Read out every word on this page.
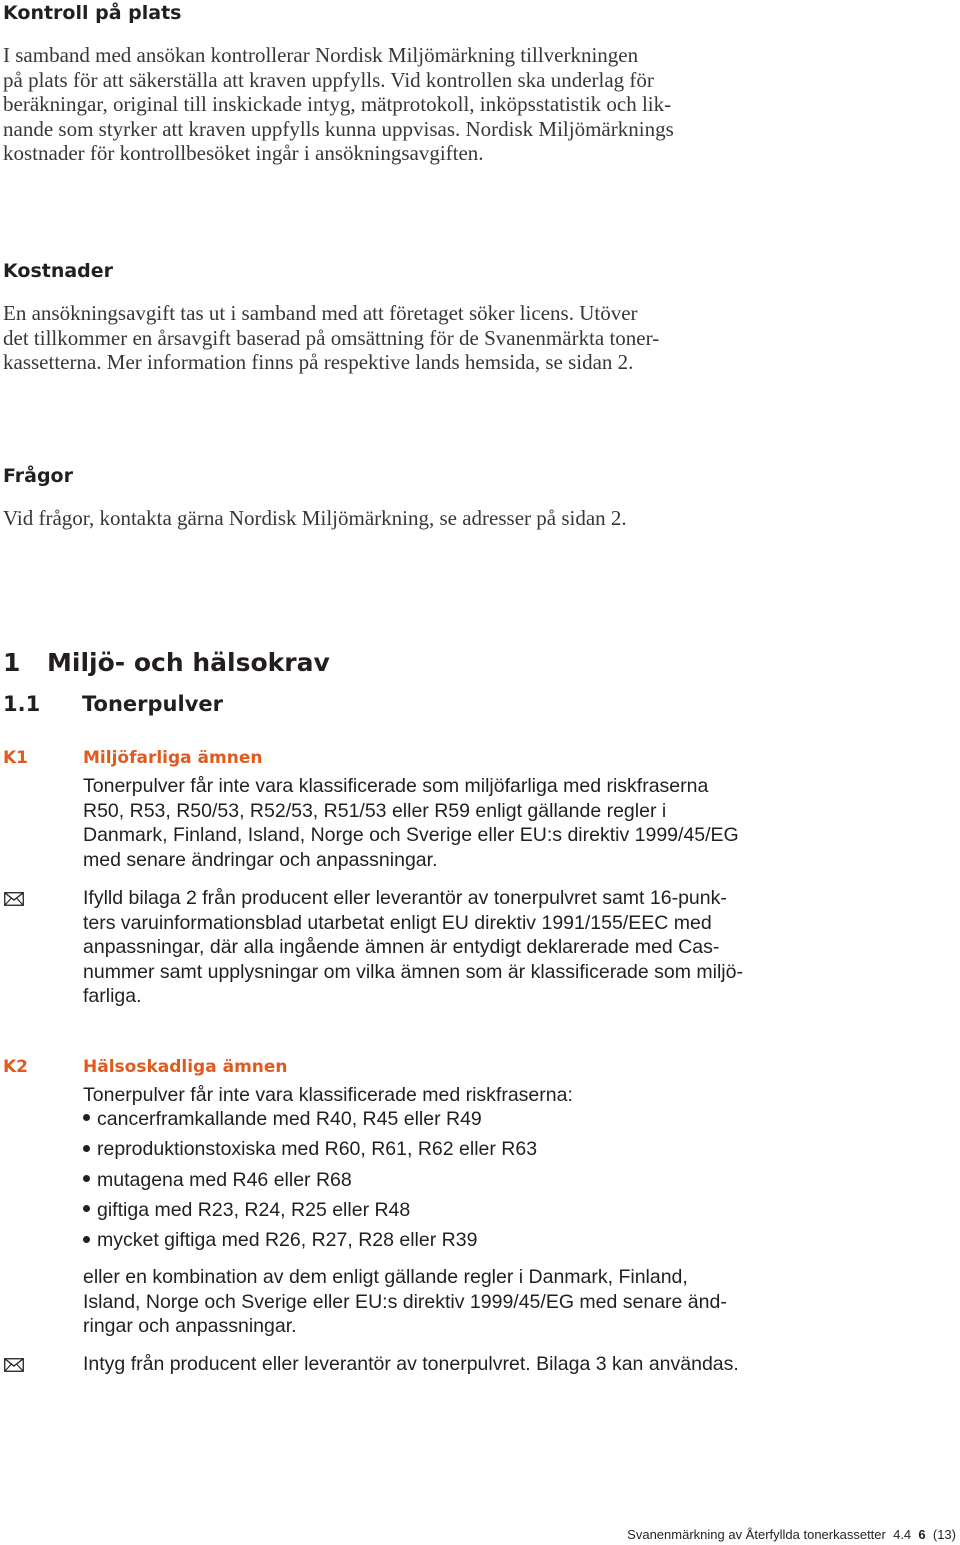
Kontroll på plats

I samband med ansökan kontrollerar Nordisk Miljömärkning tillverkningen

på plats för att säkerställa att kraven uppfylls. Vid kontrollen ska underlag för

beräkningar, original till inskickade intyg, mätprotokoll, inköpsstatistik och lik-

nande som styrker att kraven uppfylls kunna uppvisas. Nordisk Miljömärknings

kostnader för kontrollbesöket ingår i ansökningsavgiften.

Kostnader

En ansökningsavgift tas ut i samband med att företaget söker licens. Utöver

det tillkommer en årsavgift baserad på omsättning för de Svanenmärkta toner-

kassetterna. Mer information finns på respektive lands hemsida, se sidan 2.

Frågor

Vid frågor, kontakta gärna Nordisk Miljömärkning, se adresser på sidan 2.

1 Miljö- och hälsokrav
1.1 Tonerpulver
K1	Miljöfarliga ämnen

Tonerpulver får inte vara klassificerade som miljöfarliga med riskfraserna

R50, R53, R50/53, R52/53, R51/53 eller R59 enligt gällande regler i

Danmark, Finland, Island, Norge och Sverige eller EU:s direktiv 1999/45/EG

med senare ändringar och anpassningar.

Ifylld bilaga 2 från producent eller leverantör av tonerpulvret samt 16-punk-

ters varuinformationsblad utarbetat enligt EU direktiv 1991/155/EEC med

anpassningar, där alla ingående ämnen är entydigt deklarerade med Cas-

nummer samt upplysningar om vilka ämnen som är klassificerade som miljö-

farliga.

K2	Hälsoskadliga ämnen

Tonerpulver får inte vara klassificerade med riskfraserna:

cancerframkallande med R40, R45 eller R49
reproduktionstoxiska med R60, R61, R62 eller R63
mutagena med R46 eller R68
giftiga med R23, R24, R25 eller R48
mycket giftiga med R26, R27, R28 eller R39

eller en kombination av dem enligt gällande regler i Danmark, Finland,

Island, Norge och Sverige eller EU:s direktiv 1999/45/EG med senare änd-

ringar och anpassningar.

Intyg från producent eller leverantör av tonerpulvret. Bilaga 3 kan användas.

Svanenmärkning av Återfyllda tonerkassetter 4.4 6 (13)
